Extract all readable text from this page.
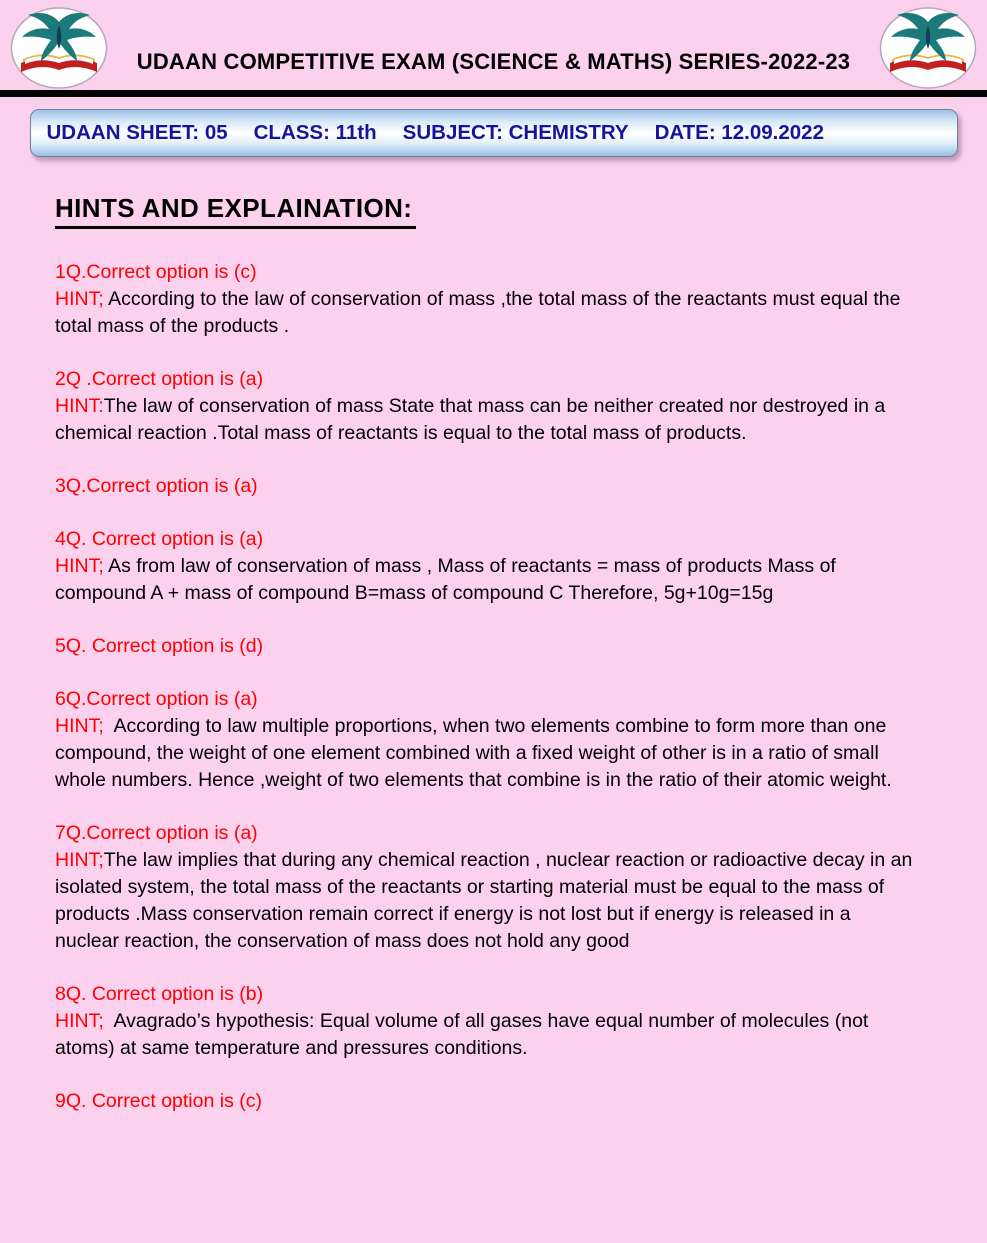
UDAAN COMPETITIVE EXAM (SCIENCE & MATHS) SERIES-2022-23
UDAAN SHEET: 05 CLASS: 11th SUBJECT: CHEMISTRY DATE: 12.09.2022
HINTS AND EXPLAINATION:

1Q.Correct option is (c)

HINT; According to the law of conservation of mass ,the total mass of the reactants must equal the total mass of the products .

2Q .Correct option is (a)

HINT:The law of conservation of mass State that mass can be neither created nor destroyed in a chemical reaction .Total mass of reactants is equal to the total mass of products.

3Q.Correct option is (a)

4Q. Correct option is (a)

HINT; As from law of conservation of mass , Mass of reactants = mass of products Mass of compound A + mass of compound B=mass of compound C Therefore, 5g+10g=15g

5Q. Correct option is (d)

6Q.Correct option is (a)

HINT;  According to law multiple proportions, when two elements combine to form more than one compound, the weight of one element combined with a fixed weight of other is in a ratio of small whole numbers. Hence ,weight of two elements that combine is in the ratio of their atomic weight.

7Q.Correct option is (a)

HINT;The law implies that during any chemical reaction , nuclear reaction or radioactive decay in an isolated system, the total mass of the reactants or starting material must be equal to the mass of products .Mass conservation remain correct if energy is not lost but if energy is released in a nuclear reaction, the conservation of mass does not hold any good

8Q. Correct option is (b)

HINT;  Avagrado’s hypothesis: Equal volume of all gases have equal number of molecules (not atoms) at same temperature and pressures conditions.

9Q. Correct option is (c)
